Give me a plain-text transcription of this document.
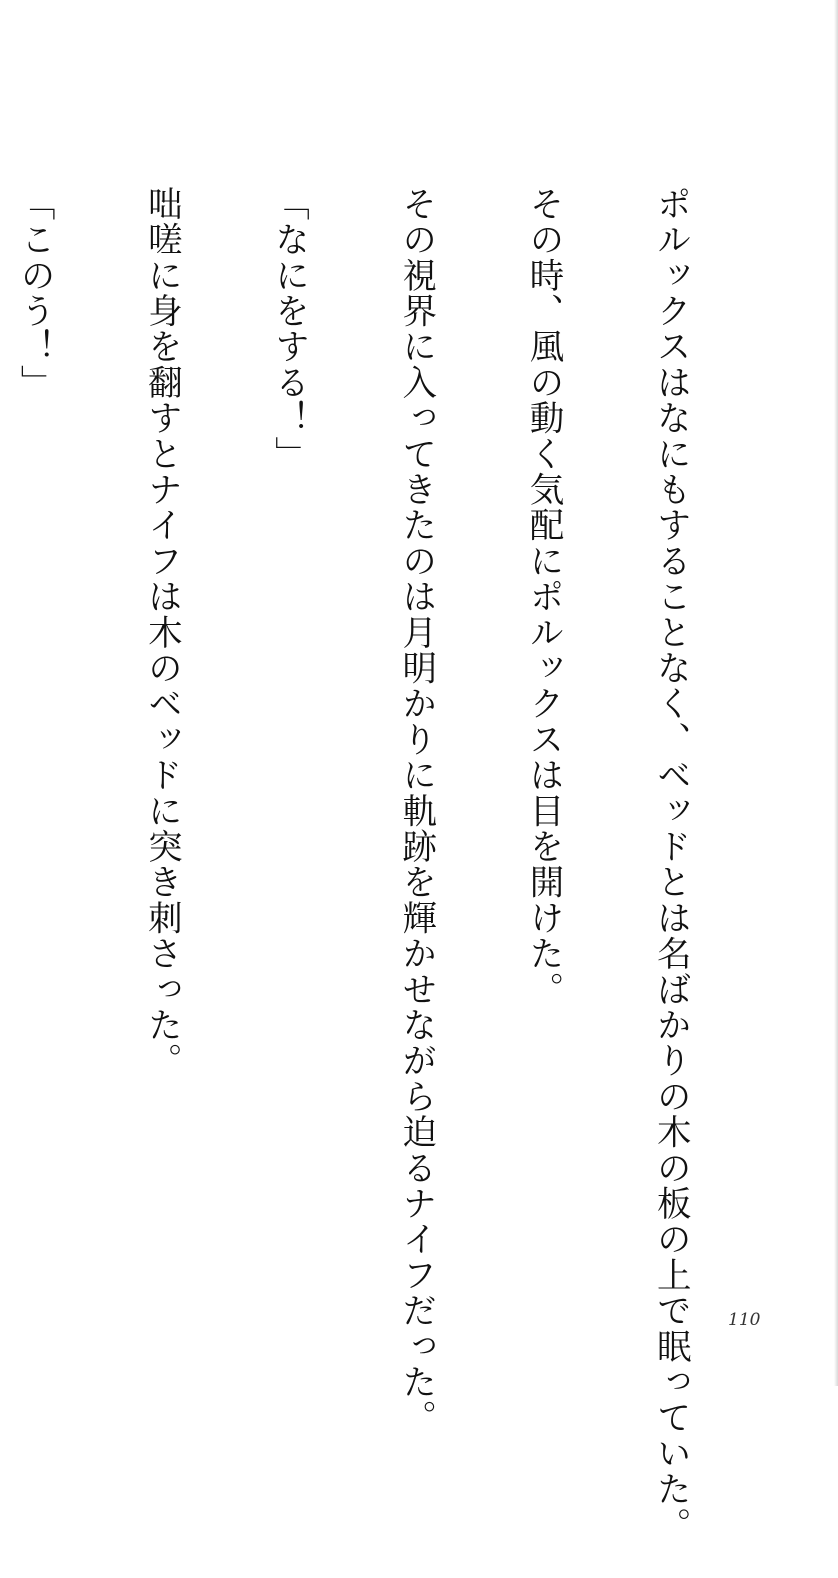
ポルックスはなにもすることなく、ベッドとは名ばかりの木の板の上で眠っていた。

その時、風の動く気配にポルックスは目を開けた。

その視界に入ってきたのは月明かりに軌跡を輝かせながら迫るナイフだった。

「なにをする！」

咄嗟に身を翻すとナイフは木のベッドに突き刺さった。

「このう！」

110
